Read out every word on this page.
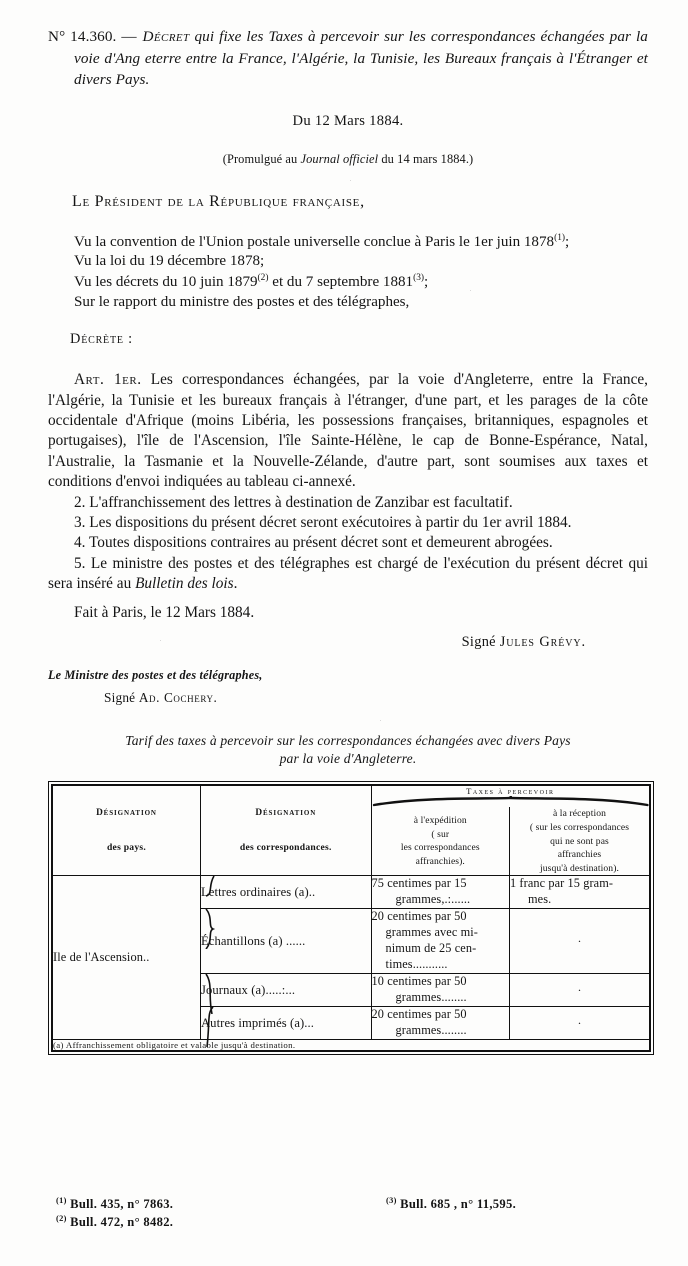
N° 14.360. — Décret qui fixe les Taxes à percevoir sur les correspondances échangées par la voie d'Ang eterre entre la France, l'Algérie, la Tunisie, les Bureaux français à l'Étranger et divers Pays.
Du 12 Mars 1884.
(Promulgué au Journal officiel du 14 mars 1884.)
Le Président de la République française,
Vu la convention de l'Union postale universelle conclue à Paris le 1er juin 1878$^{(1)}$;
Vu la loi du 19 décembre 1878;
Vu les décrets du 10 juin 1879$^{(2)}$ et du 7 septembre 1881$^{(3)}$;
Sur le rapport du ministre des postes et des télégraphes,
Décrète :

Art. 1er. Les correspondances échangées, par la voie d'Angleterre, entre la France, l'Algérie, la Tunisie et les bureaux français à l'étranger, d'une part, et les parages de la côte occidentale d'Afrique (moins Libéria, les possessions françaises, britanniques, espagnoles et portugaises), l'île de l'Ascension, l'île Sainte-Hélène, le cap de Bonne-Espérance, Natal, l'Australie, la Tasmanie et la Nouvelle-Zélande, d'autre part, sont soumises aux taxes et conditions d'envoi indiquées au tableau ci-annexé.

2. L'affranchissement des lettres à destination de Zanzibar est facultatif.

3. Les dispositions du présent décret seront exécutoires à partir du 1er avril 1884.

4. Toutes dispositions contraires au présent décret sont et demeurent abrogées.

5. Le ministre des postes et des télégraphes est chargé de l'exécution du présent décret qui sera inséré au Bulletin des lois.

Fait à Paris, le 12 Mars 1884.
Signé Jules Grévy.
Le Ministre des postes et des télégraphes,
Signé Ad. Cochery.
Tarif des taxes à percevoir sur les correspondances échangées avec divers Pays
par la voie d'Angleterre.
Désignation
des pays.	Désignation
des correspondances.	Taxes à percevoir	

		à l'expédition
( sur
les correspondances
affranchies).	à la réception
( sur les correspondances
qui ne sont pas
affranchies
jusqu'à destination).
Ile de l'Ascension..	Lettres ordinaires (a)..	75 centimes par 15
grammes,.:......	1 franc par 15 gram-
mes.

Échantillons (a) ......	20 centimes par 50
grammes avec mi-
nimum de 25 cen-
times...........	·

Journaux (a).....:...	10 centimes par 50
grammes........	·

Autres imprimés (a)...	20 centimes par 50
grammes........	·
(a) Affranchissement obligatoire et valable jusqu'à destination.			
$^{(1)}$ Bull. 435, n° 7863.	$^{(3)}$ Bull. 685 , n° 11,595.
$^{(2)}$ Bull. 472, n° 8482.
